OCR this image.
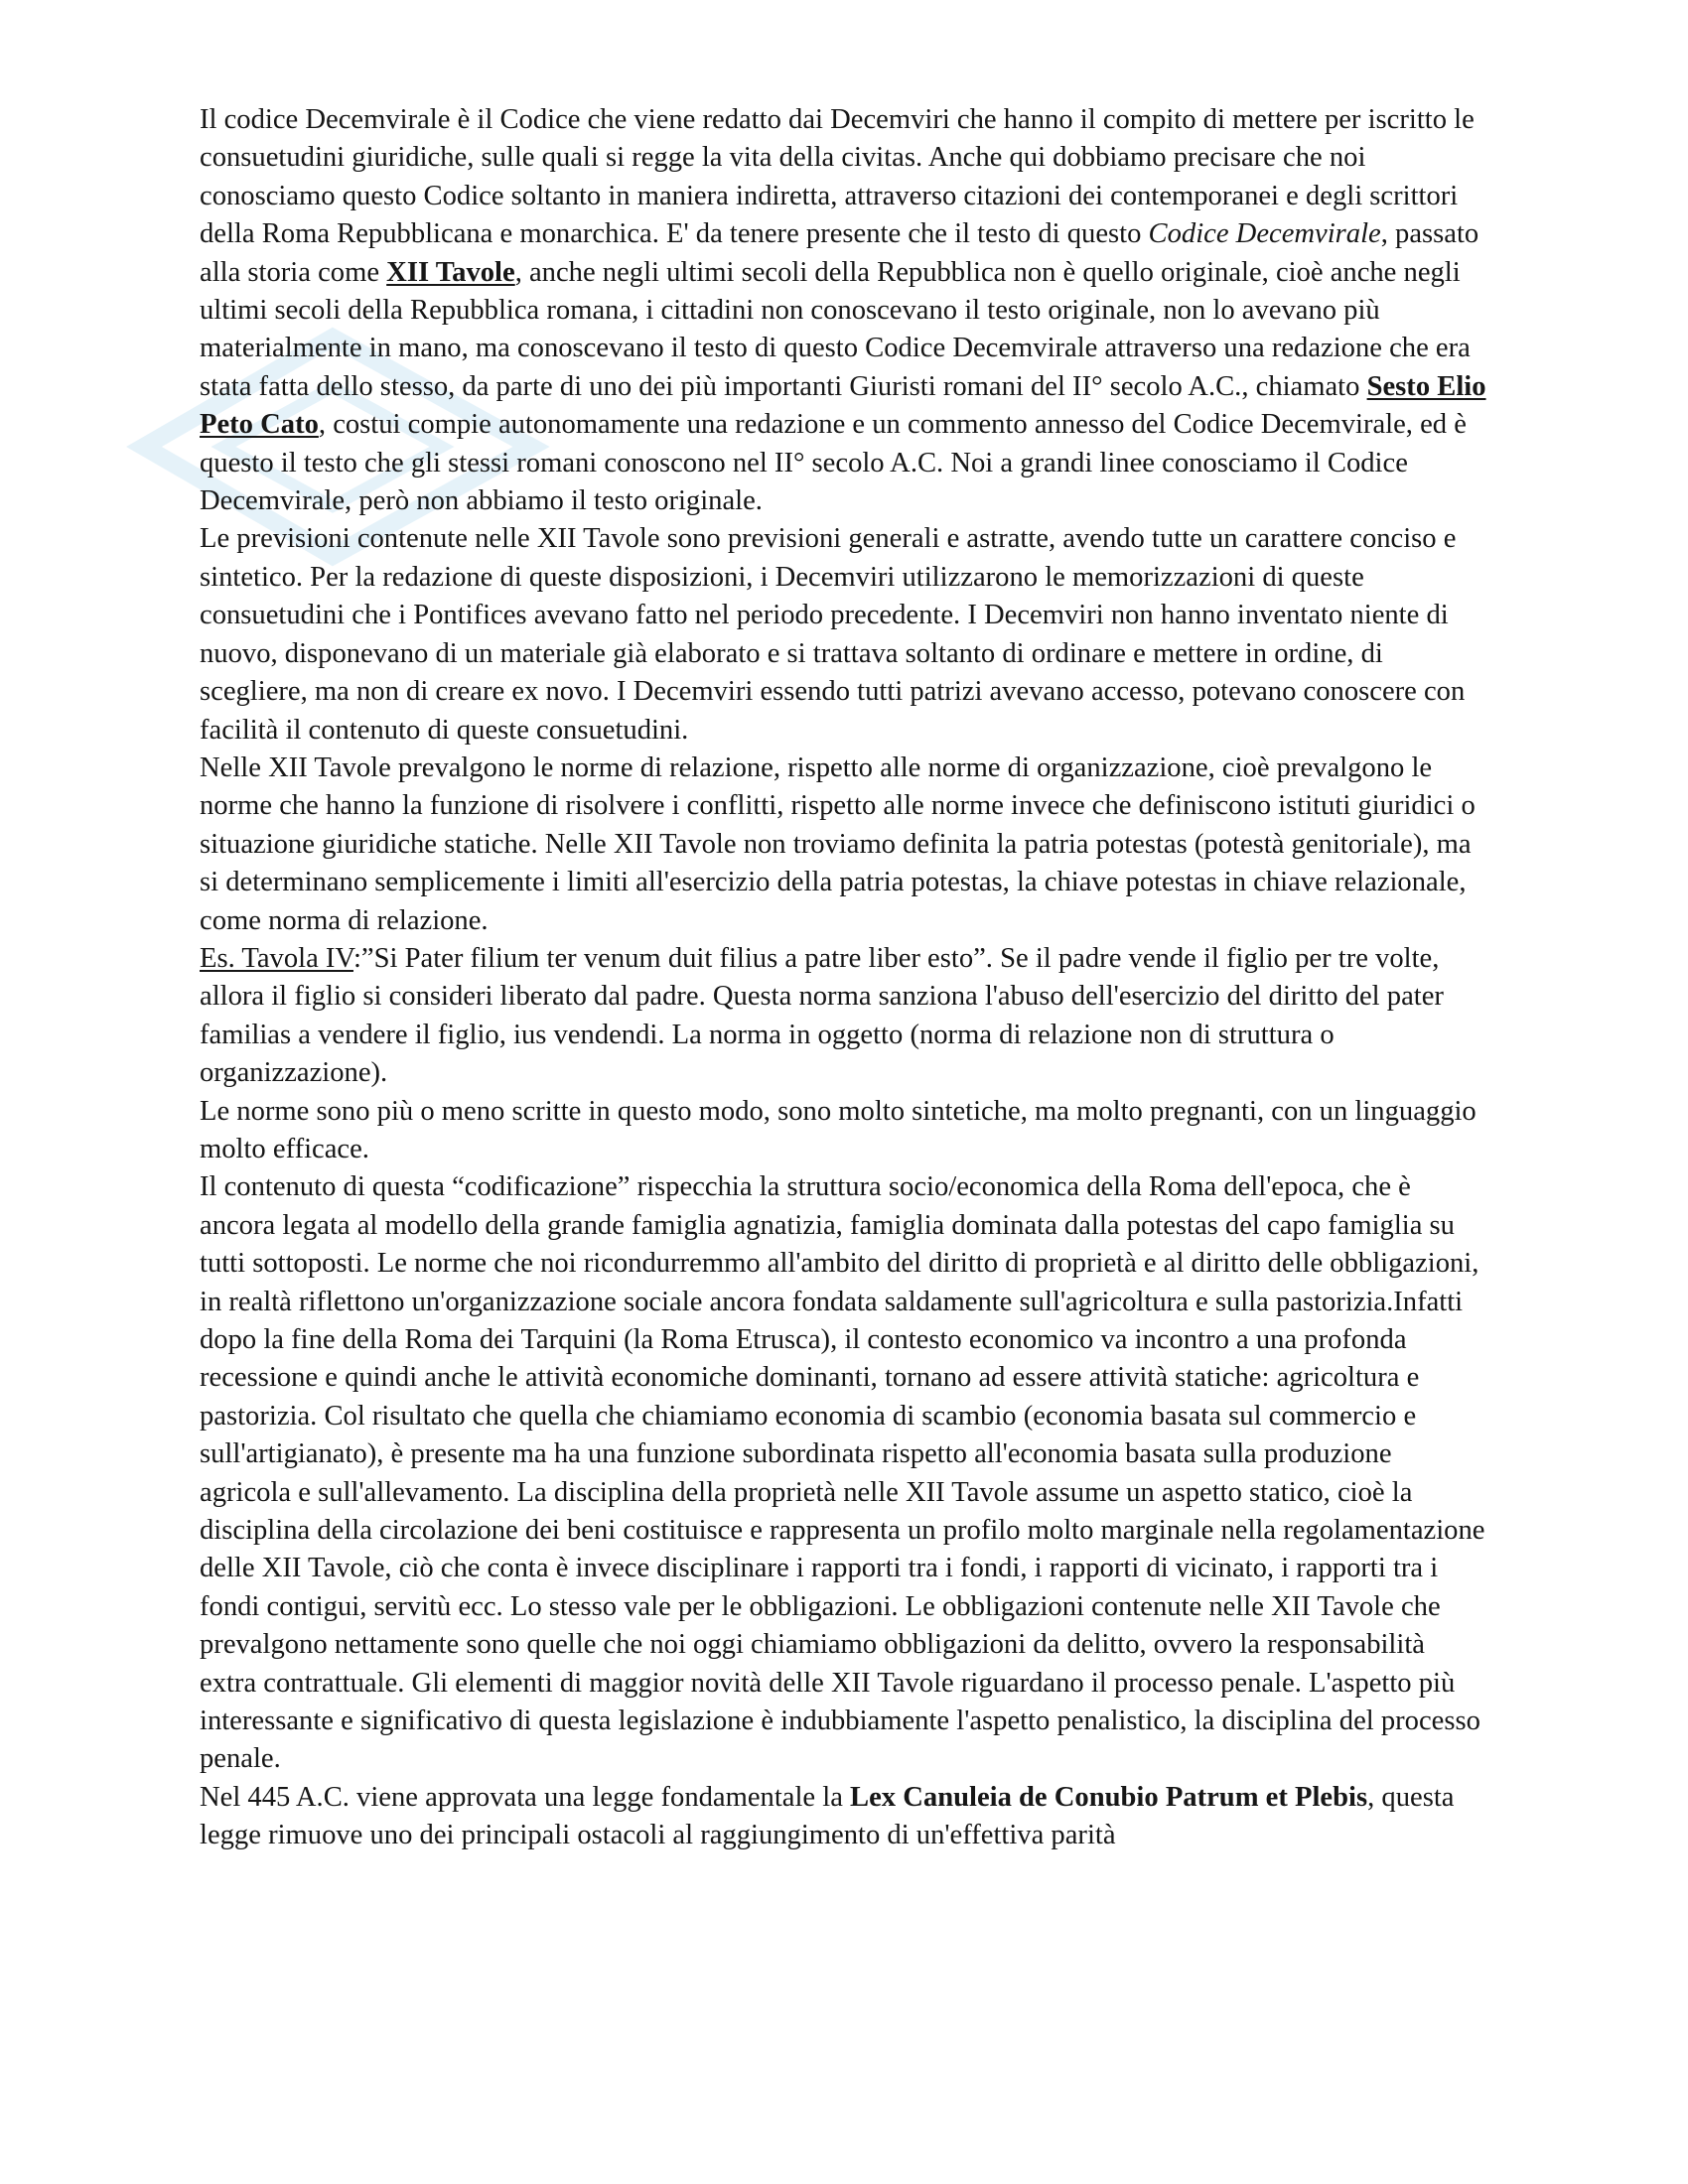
Il codice Decemvirale è il Codice che viene redatto dai Decemviri che hanno il compito di mettere per iscritto le consuetudini giuridiche, sulle quali si regge la vita della civitas. Anche qui dobbiamo precisare che noi conosciamo questo Codice soltanto in maniera indiretta, attraverso citazioni dei contemporanei e degli scrittori della Roma Repubblicana e monarchica. E' da tenere presente che il testo di questo Codice Decemvirale, passato alla storia come XII Tavole, anche negli ultimi secoli della Repubblica non è quello originale, cioè anche negli ultimi secoli della Repubblica romana, i cittadini non conoscevano il testo originale, non lo avevano più materialmente in mano, ma conoscevano il testo di questo Codice Decemvirale attraverso una redazione che era stata fatta dello stesso, da parte di uno dei più importanti Giuristi romani del II° secolo A.C., chiamato Sesto Elio Peto Cato, costui compie autonomamente una redazione e un commento annesso del Codice Decemvirale, ed è questo il testo che gli stessi romani conoscono nel II° secolo A.C. Noi a grandi linee conosciamo il Codice Decemvirale, però non abbiamo il testo originale.

Le previsioni contenute nelle XII Tavole sono previsioni generali e astratte, avendo tutte un carattere conciso e sintetico. Per la redazione di queste disposizioni, i Decemviri utilizzarono le memorizzazioni di queste consuetudini che i Pontifices avevano fatto nel periodo precedente. I Decemviri non hanno inventato niente di nuovo, disponevano di un materiale già elaborato e si trattava soltanto di ordinare e mettere in ordine, di scegliere, ma non di creare ex novo. I Decemviri essendo tutti patrizi avevano accesso, potevano conoscere con facilità il contenuto di queste consuetudini.

Nelle XII Tavole prevalgono le norme di relazione, rispetto alle norme di organizzazione, cioè prevalgono le norme che hanno la funzione di risolvere i conflitti, rispetto alle norme invece che definiscono istituti giuridici o situazione giuridiche statiche. Nelle XII Tavole non troviamo definita la patria potestas (potestà genitoriale), ma si determinano semplicemente i limiti all'esercizio della patria potestas, la chiave potestas in chiave relazionale, come norma di relazione.

Es. Tavola IV:”Si Pater filium ter venum duit filius a patre liber esto”. Se il padre vende il figlio per tre volte, allora il figlio si consideri liberato dal padre. Questa norma sanziona l'abuso dell'esercizio del diritto del pater familias a vendere il figlio, ius vendendi. La norma in oggetto (norma di relazione non di struttura o organizzazione).

Le norme sono più o meno scritte in questo modo, sono molto sintetiche, ma molto pregnanti, con un linguaggio molto efficace.

Il contenuto di questa “codificazione” rispecchia la struttura socio/economica della Roma dell'epoca, che è ancora legata al modello della grande famiglia agnatizia, famiglia dominata dalla potestas del capo famiglia su tutti sottoposti. Le norme che noi ricondurremmo all'ambito del diritto di proprietà e al diritto delle obbligazioni, in realtà riflettono un'organizzazione sociale ancora fondata saldamente sull'agricoltura e sulla pastorizia.Infatti dopo la fine della Roma dei Tarquini (la Roma Etrusca), il contesto economico va incontro a una profonda recessione e quindi anche le attività economiche dominanti, tornano ad essere attività statiche: agricoltura e pastorizia. Col risultato che quella che chiamiamo economia di scambio (economia basata sul commercio e sull'artigianato), è presente ma ha una funzione subordinata rispetto all'economia basata sulla produzione agricola e sull'allevamento. La disciplina della proprietà nelle XII Tavole assume un aspetto statico, cioè la disciplina della circolazione dei beni costituisce e rappresenta un profilo molto marginale nella regolamentazione delle XII Tavole, ciò che conta è invece disciplinare i rapporti tra i fondi, i rapporti di vicinato, i rapporti tra i fondi contigui, servitù ecc. Lo stesso vale per le obbligazioni. Le obbligazioni contenute nelle XII Tavole che prevalgono nettamente sono quelle che noi oggi chiamiamo obbligazioni da delitto, ovvero la responsabilità extra contrattuale. Gli elementi di maggior novità delle XII Tavole riguardano il processo penale. L'aspetto più interessante e significativo di questa legislazione è indubbiamente l'aspetto penalistico, la disciplina del processo penale.

Nel 445 A.C. viene approvata una legge fondamentale la Lex Canuleia de Conubio Patrum et Plebis, questa legge rimuove uno dei principali ostacoli al raggiungimento di un'effettiva parità
